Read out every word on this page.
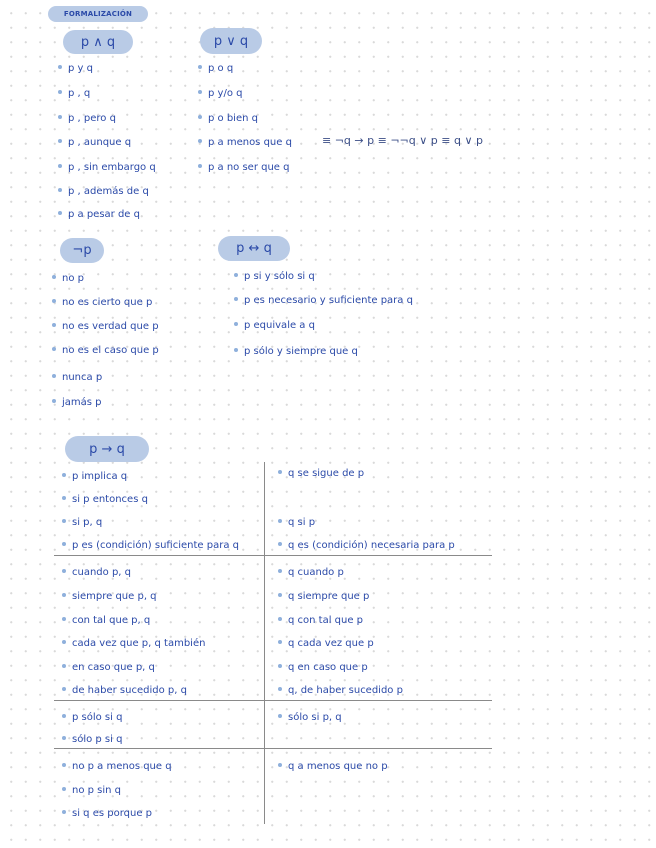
FORMALIZACIÓN
p ∧ q
p y q
p , q
p , pero q
p , aunque q
p , sin embargo q
p , además de q
p a pesar de q
p ∨ q
p o q
p y/o q
p o bien q
p a menos que q
p a no ser que q
≡ ¬q → p ≡ ¬¬q ∨ p ≡ q ∨ p
¬p
no p
no es cierto que p
no es verdad que p
no es el caso que p
nunca p
jamás p
p ↔ q
p si y sólo si q
p es necesario y suficiente para q
p equivale a q
p sólo y siempre que q
p → q
p implica q
si p entonces q
si p, q
p es (condición) suficiente para q
q se sigue de p
q si p
q es (condición) necesaria para p
cuando p, q
siempre que p, q
con tal que p, q
cada vez que p, q también
en caso que p, q
de haber sucedido p, q
q cuando p
q siempre que p
q con tal que p
q cada vez que p
q en caso que p
q, de haber sucedido p
p sólo si q
sólo p si q
sólo si p, q
no p a menos que q
no p sin q
si q es porque p
q a menos que no p
